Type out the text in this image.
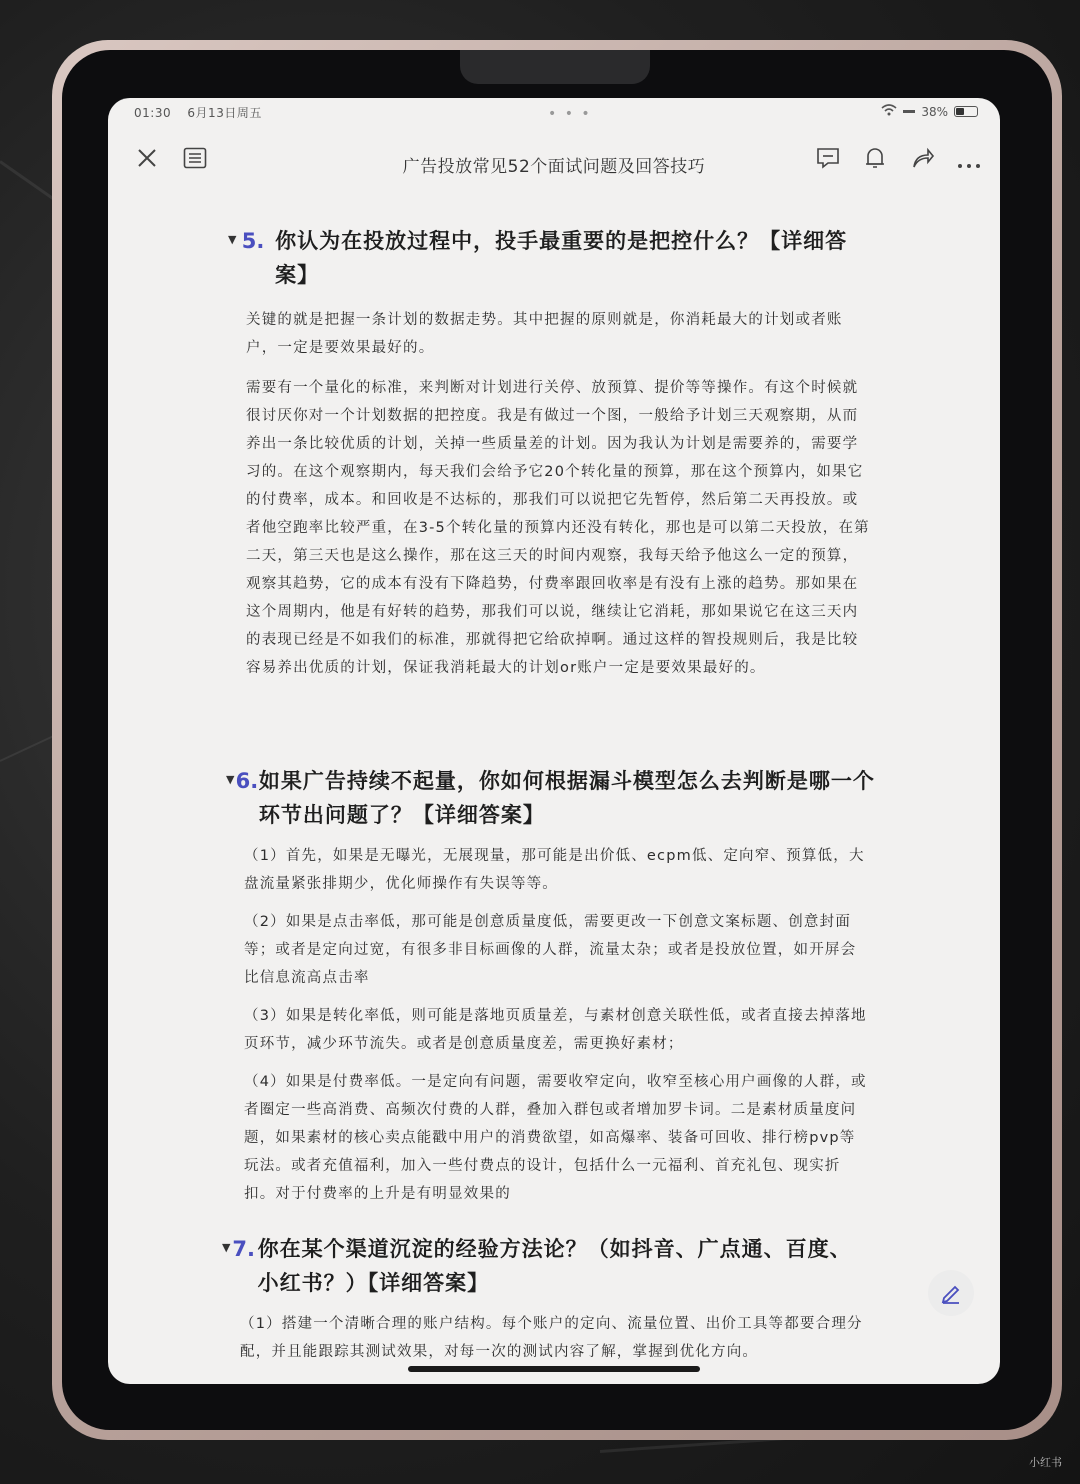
01:30 6月13日周五	• • •	38%
广告投放常见52个面试问题及回答技巧
▼ 5. 你认为在投放过程中，投手最重要的是把控什么？【详细答案】

关键的就是把握一条计划的数据走势。其中把握的原则就是，你消耗最大的计划或者账户，一定是要效果最好的。

需要有一个量化的标准，来判断对计划进行关停、放预算、提价等等操作。有这个时候就很讨厌你对一个计划数据的把控度。我是有做过一个图，一般给予计划三天观察期，从而养出一条比较优质的计划，关掉一些质量差的计划。因为我认为计划是需要养的，需要学习的。在这个观察期内，每天我们会给予它20个转化量的预算，那在这个预算内，如果它的付费率，成本。和回收是不达标的，那我们可以说把它先暂停，然后第二天再投放。或者他空跑率比较严重，在3-5个转化量的预算内还没有转化，那也是可以第二天投放，在第二天，第三天也是这么操作，那在这三天的时间内观察，我每天给予他这么一定的预算，观察其趋势，它的成本有没有下降趋势，付费率跟回收率是有没有上涨的趋势。那如果在这个周期内，他是有好转的趋势，那我们可以说，继续让它消耗，那如果说它在这三天内的表现已经是不如我们的标准，那就得把它给砍掉啊。通过这样的智投规则后，我是比较容易养出优质的计划，保证我消耗最大的计划or账户一定是要效果最好的。

▼ 6. 如果广告持续不起量，你如何根据漏斗模型怎么去判断是哪一个环节出问题了？【详细答案】

（1）首先，如果是无曝光，无展现量，那可能是出价低、ecpm低、定向窄、预算低，大盘流量紧张排期少，优化师操作有失误等等。

（2）如果是点击率低，那可能是创意质量度低，需要更改一下创意文案标题、创意封面等；或者是定向过宽，有很多非目标画像的人群，流量太杂；或者是投放位置，如开屏会比信息流高点击率

（3）如果是转化率低，则可能是落地页质量差，与素材创意关联性低，或者直接去掉落地页环节，减少环节流失。或者是创意质量度差，需更换好素材；

（4）如果是付费率低。一是定向有问题，需要收窄定向，收窄至核心用户画像的人群，或者圈定一些高消费、高频次付费的人群，叠加入群包或者增加罗卡词。二是素材质量度问题，如果素材的核心卖点能戳中用户的消费欲望，如高爆率、装备可回收、排行榜pvp等玩法。或者充值福利，加入一些付费点的设计，包括什么一元福利、首充礼包、现实折扣。对于付费率的上升是有明显效果的

▼ 7. 你在某个渠道沉淀的经验方法论？（如抖音、广点通、百度、小红书？）【详细答案】

（1）搭建一个清晰合理的账户结构。每个账户的定向、流量位置、出价工具等都要合理分配，并且能跟踪其测试效果，对每一次的测试内容了解，掌握到优化方向。

小红书
